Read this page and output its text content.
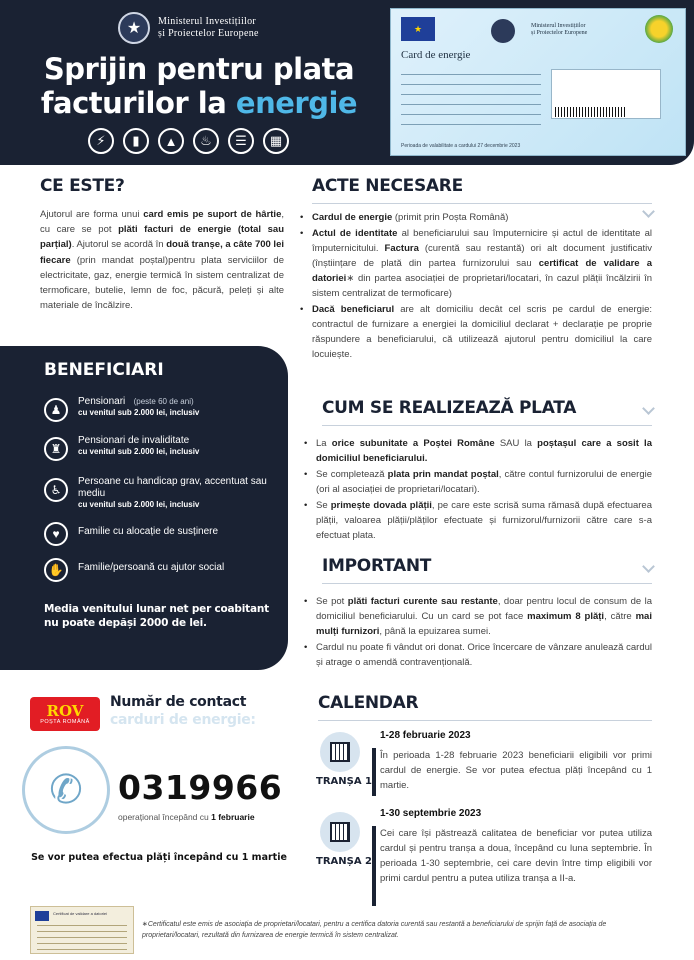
★	Ministerul Investițiilor
și Proiectelor Europene
Sprijin pentru plata
facturilor la energie
⚡	▮	▲	♨	☰	▦
★	Ministerul Investițiilor
și Proiectelor Europene
Card de energie
Perioada de valabilitate a cardului 27 decembrie 2023
CE ESTE?
Ajutorul are forma unui card emis pe suport de hârtie, cu care se pot plăti facturi de energie (total sau parțial). Ajutorul se acordă în două tranșe, a câte 700 lei fiecare (prin mandat poștal)pentru plata serviciilor de electricitate, gaz, energie termică în sistem centralizat de termoficare, butelie, lemn de foc, păcură, peleți și alte materiale de încălzire.
ACTE NECESARE
• Cardul de energie (primit prin Poșta Română)
• Actul de identitate al beneficiarului sau împuternicire și actul de identitate al împuternicitului. Factura (curentă sau restantă) ori alt document justificativ (înștiințare de plată din partea furnizorului sau certificat de validare a datoriei∗ din partea asociației de proprietari/locatari, în cazul plății încălzirii în sistem centralizat de termoficare)
• Dacă beneficiarul are alt domiciliu decât cel scris pe cardul de energie: contractul de furnizare a energiei la domiciliul declarat + declarație pe proprie răspundere a beneficiarului, că utilizează ajutorul pentru domiciliul la care locuiește.
CUM SE REALIZEAZĂ PLATA
• La orice subunitate a Poștei Române SAU la poștașul care a sosit la domiciliul beneficiarului.
• Se completează plata prin mandat poștal, către contul furnizorului de energie (ori al asociației de proprietari/locatari).
• Se primește dovada plății, pe care este scrisă suma rămasă după efectuarea plății, valoarea plății/plăților efectuate și furnizorul/furnizorii către care s-a efectuat plata.
IMPORTANT
• Se pot plăti facturi curente sau restante, doar pentru locul de consum de la domiciliul beneficiarului. Cu un card se pot face maximum 8 plăți, către mai mulți furnizori, până la epuizarea sumei.
• Cardul nu poate fi vândut ori donat. Orice încercare de vânzare anulează cardul și atrage o amendă contravențională.
BENEFICIARI
♟
Pensionari (peste 60 de ani)
cu venitul sub 2.000 lei, inclusiv
♜
Pensionari de invaliditate
cu venitul sub 2.000 lei, inclusiv
♿
Persoane cu handicap grav, accentuat sau mediu
cu venitul sub 2.000 lei, inclusiv
♥	Familie cu alocație de susținere
✋	Familie/persoană cu ajutor social
Media venitului lunar net per coabitant nu poate depăși 2000 de lei.
ROV
POȘTA ROMÂNĂ
Număr de contact
carduri de energie:
✆	0319966
operațional începând cu 1 februarie
Se vor putea efectua plăți începând cu 1 martie
CALENDAR
TRANȘA 1
1-28 februarie 2023
În perioada 1-28 februarie 2023 beneficiarii eligibili vor primi cardul de energie. Se vor putea efectua plăți începând cu 1 martie.
TRANȘA 2
1-30 septembrie 2023
Cei care își păstrează calitatea de beneficiar vor putea utiliza cardul și pentru tranșa a doua, începând cu luna septembrie. În perioada 1-30 septembrie, cei care devin între timp eligibili vor primi cardul pentru a putea utiliza tranșa a II-a.
Certificat de validare a datoriei
∗Certificatul este emis de asociația de proprietari/locatari, pentru a certifica datoria curentă sau restantă a beneficiarului de sprijin față de asociația de proprietari/locatari, rezultată din furnizarea de energie termică în sistem centralizat.
